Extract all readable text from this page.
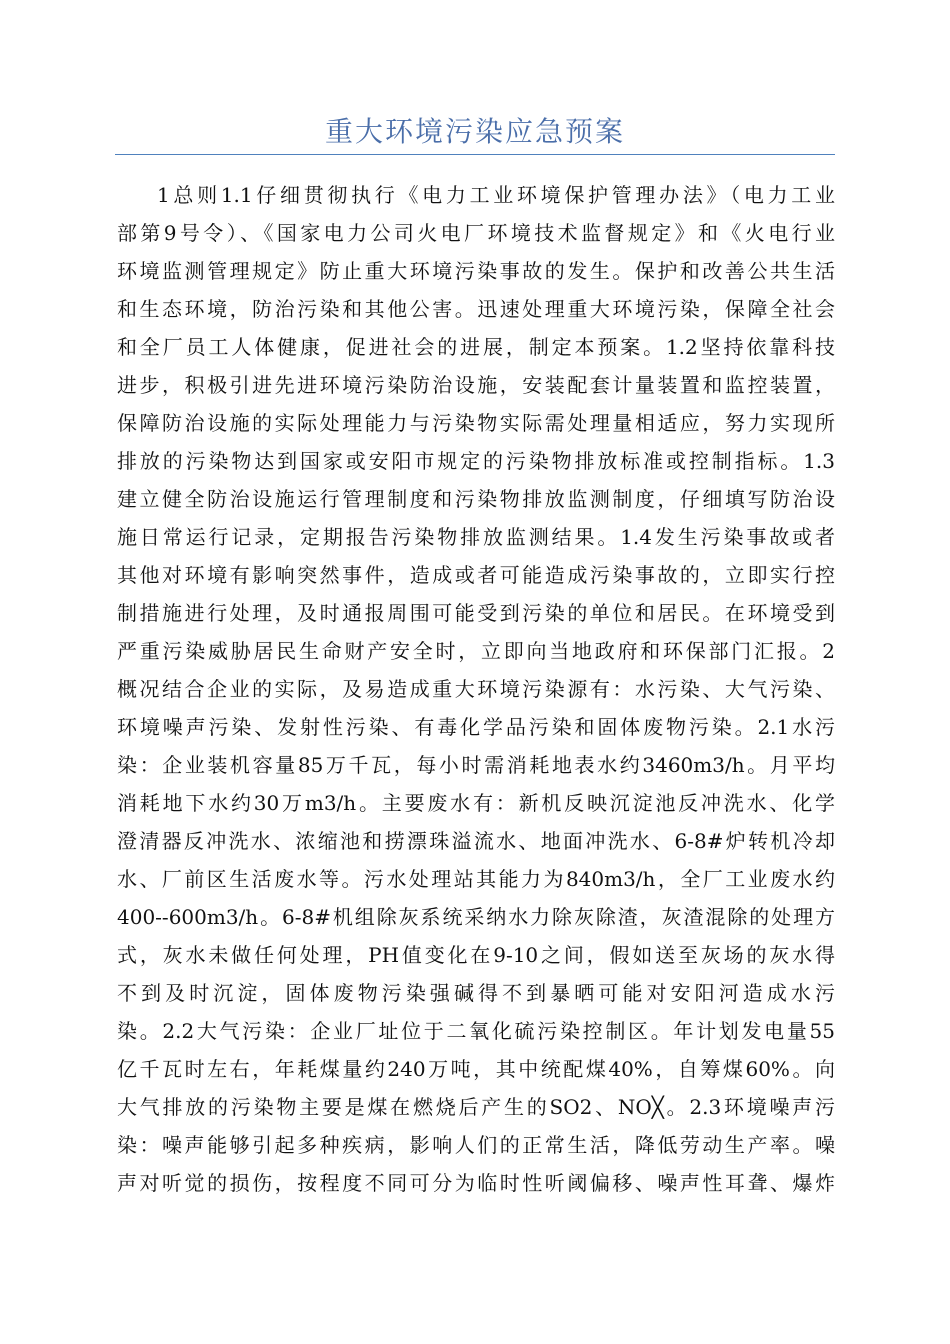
重大环境污染应急预案
1总则1.1仔细贯彻执行《电力工业环境保护管理办法》（电力工业
部第9号令）、《国家电力公司火电厂环境技术监督规定》和《火电行业
环境监测管理规定》防止重大环境污染事故的发生。保护和改善公共生活
和生态环境，防治污染和其他公害。迅速处理重大环境污染，保障全社会
和全厂员工人体健康，促进社会的进展，制定本预案。1.2坚持依靠科技
进步，积极引进先进环境污染防治设施，安装配套计量装置和监控装置，
保障防治设施的实际处理能力与污染物实际需处理量相适应，努力实现所
排放的污染物达到国家或安阳市规定的污染物排放标准或控制指标。1.3
建立健全防治设施运行管理制度和污染物排放监测制度，仔细填写防治设
施日常运行记录，定期报告污染物排放监测结果。1.4发生污染事故或者
其他对环境有影响突然事件，造成或者可能造成污染事故的，立即实行控
制措施进行处理，及时通报周围可能受到污染的单位和居民。在环境受到
严重污染威胁居民生命财产安全时，立即向当地政府和环保部门汇报。2
概况结合企业的实际，及易造成重大环境污染源有：水污染、大气污染、
环境噪声污染、发射性污染、有毒化学品污染和固体废物污染。2.1水污
染：企业装机容量85万千瓦，每小时需消耗地表水约3460m3/h。月平均
消耗地下水约30万m3/h。主要废水有：新机反映沉淀池反冲洗水、化学
澄清器反冲洗水、浓缩池和捞漂珠溢流水、地面冲洗水、6-8#炉转机冷却
水、厂前区生活废水等。污水处理站其能力为840m3/h，全厂工业废水约
400--600m3/h。6-8#机组除灰系统采纳水力除灰除渣，灰渣混除的处理方
式，灰水未做任何处理，PH值变化在9-10之间，假如送至灰场的灰水得
不到及时沉淀，固体废物污染强碱得不到暴晒可能对安阳河造成水污
染。2.2大气污染：企业厂址位于二氧化硫污染控制区。年计划发电量55
亿千瓦时左右，年耗煤量约240万吨，其中统配煤40%，自筹煤60%。向
大气排放的污染物主要是煤在燃烧后产生的SO2、NO╳。2.3环境噪声污
染：噪声能够引起多种疾病，影响人们的正常生活，降低劳动生产率。噪
声对听觉的损伤，按程度不同可分为临时性听阈偏移、噪声性耳聋、爆炸
